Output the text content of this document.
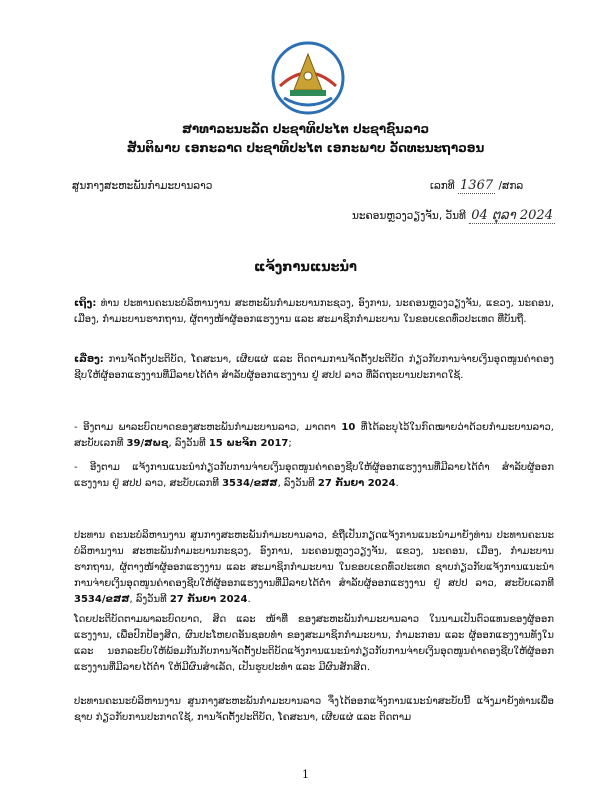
ສາທາລະນະລັດ ປະຊາທິປະໄຕ ປະຊາຊົນລາວ
ສັນຕິພາບ ເອກະລາດ ປະຊາທິປະໄຕ ເອກະພາບ ວັດທະນະຖາວອນ
ສູນກາງສະຫະພັນກຳມະບານລາວ	ເລກທີ 1367 /ສກລ
ນະຄອນຫຼວງວຽງຈັນ, ວັນທີ 04 ຕຸລາ 2024
ແຈ້ງການແນະນຳ
ເຖິງ: ທ່ານ ປະທານຄະນະບໍລິຫານງານ ສະຫະພັນກຳມະບານກະຊວງ, ອົງການ, ນະຄອນຫຼວງວຽງຈັນ, ແຂວງ, ນະຄອນ, ເມືອງ, ກຳມະບານຮາກຖານ, ຜູ້ຕາງໜ້າຜູ້ອອກແຮງງານ ແລະ ສະມາຊິກກຳມະບານ ໃນຂອບເຂດທົ່ວປະເທດ ທີ່ບັນຖື.
ເລື່ອງ: ການຈັດຕັ້ງປະຕິບັດ, ໂຄສະນາ, ເຜີຍແຜ່ ແລະ ຕິດຕາມການຈັດຕັ້ງປະຕິບັດ ກ່ຽວກັບການຈ່າຍເງິນອຸດໜູນຄ່າຄອງຊີບໃຫ້ຜູ້ອອກແຮງງານທີ່ມີລາຍໄດ້ຕ່ຳ ສຳລັບຜູ້ອອກແຮງງານ ຢູ່ ສປປ ລາວ ທີ່ລັດຖະບານປະກາດໃຊ້.
- ອີງຕາມ ພາລະບົດບາດຂອງສະຫະພັນກຳມະບານລາວ, ມາດຕາ 10 ທີ່ໄດ້ລະບຸໄວ້ໃນກົດໝາຍວ່າດ້ວຍກຳມະບານລາວ, ສະບັບເລກທີ 39/ສພຊ, ລົງວັນທີ 15 ພະຈິກ 2017;
- ອີງຕາມ ແຈ້ງການແນະນຳກ່ຽວກັບການຈ່າຍເງິນອຸດໜູນຄ່າຄອງຊີບໃຫ້ຜູ້ອອກແຮງງານທີ່ມີລາຍໄດ້ຕ່ຳ ສຳລັບຜູ້ອອກແຮງງານ ຢູ່ ສປປ ລາວ, ສະບັບເລກທີ 3534/ຂສສ, ລົງວັນທີ 27 ກັນຍາ 2024.
ປະທານ ຄະນະບໍລິຫານງານ ສູນກາງສະຫະພັນກຳມະບານລາວ, ຂໍຖືເປັນກຽດແຈ້ງການແນະນຳມາຍັງທ່ານ ປະທານຄະນະບໍລິຫານງານ ສະຫະພັນກຳມະບານກະຊວງ, ອົງການ, ນະຄອນຫຼວງວຽງຈັນ, ແຂວງ, ນະຄອນ, ເມືອງ, ກຳມະບານຮາກຖານ, ຜູ້ຕາງໜ້າຜູ້ອອກແຮງງານ ແລະ ສະມາຊິກກຳມະບານ ໃນຂອບເຂດທົ່ວປະເທດ ຊາບກ່ຽວກັບແຈ້ງການແນະນຳການຈ່າຍເງິນອຸດໜູນຄ່າຄອງຊີບໃຫ້ຜູ້ອອກແຮງງານທີ່ມີລາຍໄດ້ຕ່ຳ ສຳລັບຜູ້ອອກແຮງງານ ຢູ່ ສປປ ລາວ, ສະບັບເລກທີ 3534/ຂສສ, ລົງວັນທີ 27 ກັນຍາ 2024.
ໂດຍປະຕິບັດຕາມພາລະບົດບາດ, ສິດ ແລະ ໜ້າທີ່ ຂອງສະຫະພັນກຳມະບານລາວ ໃນນາມເປັນຕົວແທນຂອງຜູ້ອອກແຮງງານ, ເພື່ອປົກປ້ອງສິດ, ຜົນປະໂຫຍດອັນຊອບທຳ ຂອງສະມາຊິກກຳມະບານ, ກຳມະກອນ ແລະ ຜູ້ອອກແຮງງານທັງໃນ ແລະ ນອກລະບົບໃຫ້ພ້ອມກັນກັບການຈັດຕັ້ງປະຕິບັດແຈ້ງການແນະນຳກ່ຽວກັບການຈ່າຍເງິນອຸດໜູນຄ່າຄອງຊີບໃຫ້ຜູ້ອອກແຮງງານທີ່ມີລາຍໄດ້ຕ່ຳ ໃຫ້ມີຜົນສຳເລັດ, ເປັນຮູບປະທຳ ແລະ ມີຜົນສັກສິດ.
ປະທານຄະນະບໍລິຫານງານ ສູນກາງສະຫະພັນກຳມະບານລາວ ຈຶ່ງໄດ້ອອກແຈ້ງການແນະນຳສະບັບນີ້ ແຈ້ງມາຍັງທ່ານເພື່ອຊາບ ກ່ຽວກັບການປະກາດໃຊ້, ການຈັດຕັ້ງປະຕິບັດ, ໂຄສະນາ, ເຜີຍແຜ່ ແລະ ຕິດຕາມ
1
